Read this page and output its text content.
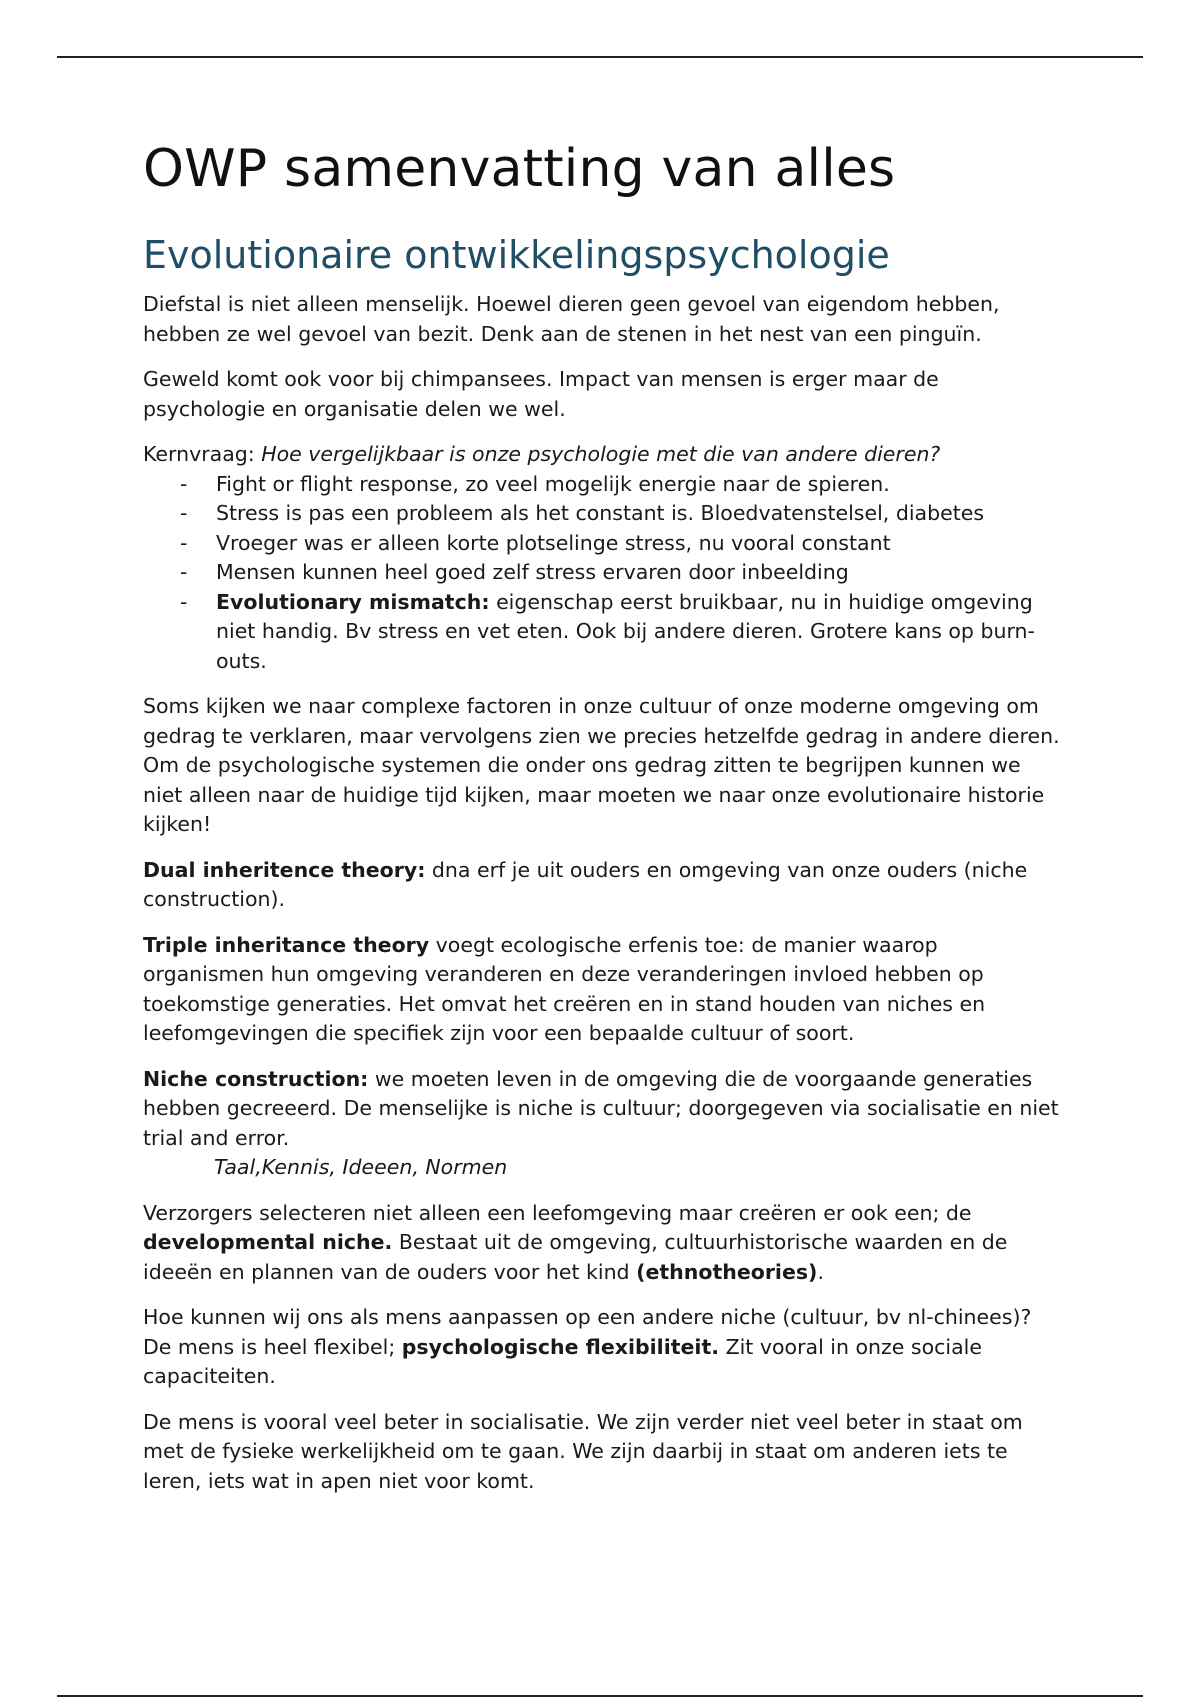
OWP samenvatting van alles
Evolutionaire ontwikkelingspsychologie

Diefstal is niet alleen menselijk. Hoewel dieren geen gevoel van eigendom hebben, hebben ze wel gevoel van bezit. Denk aan de stenen in het nest van een pinguïn.

Geweld komt ook voor bij chimpansees. Impact van mensen is erger maar de psychologie en organisatie delen we wel.

Kernvraag: Hoe vergelijkbaar is onze psychologie met die van andere dieren?

- Fight or flight response, zo veel mogelijk energie naar de spieren.
- Stress is pas een probleem als het constant is. Bloedvatenstelsel, diabetes
- Vroeger was er alleen korte plotselinge stress, nu vooral constant
- Mensen kunnen heel goed zelf stress ervaren door inbeelding
- Evolutionary mismatch: eigenschap eerst bruikbaar, nu in huidige omgeving niet handig. Bv stress en vet eten. Ook bij andere dieren. Grotere kans op burn-outs.

Soms kijken we naar complexe factoren in onze cultuur of onze moderne omgeving om gedrag te verklaren, maar vervolgens zien we precies hetzelfde gedrag in andere dieren. Om de psychologische systemen die onder ons gedrag zitten te begrijpen kunnen we niet alleen naar de huidige tijd kijken, maar moeten we naar onze evolutionaire historie kijken!

Dual inheritence theory: dna erf je uit ouders en omgeving van onze ouders (niche construction).

Triple inheritance theory voegt ecologische erfenis toe: de manier waarop organismen hun omgeving veranderen en deze veranderingen invloed hebben op toekomstige generaties. Het omvat het creëren en in stand houden van niches en leefomgevingen die specifiek zijn voor een bepaalde cultuur of soort.

Niche construction: we moeten leven in de omgeving die de voorgaande generaties hebben gecreeerd. De menselijke is niche is cultuur; doorgegeven via socialisatie en niet trial and error.

Taal,Kennis, Ideeen, Normen

Verzorgers selecteren niet alleen een leefomgeving maar creëren er ook een; de developmental niche. Bestaat uit de omgeving, cultuurhistorische waarden en de ideeën en plannen van de ouders voor het kind (ethnotheories).

Hoe kunnen wij ons als mens aanpassen op een andere niche (cultuur, bv nl-chinees)? De mens is heel flexibel; psychologische flexibiliteit. Zit vooral in onze sociale capaciteiten.

De mens is vooral veel beter in socialisatie. We zijn verder niet veel beter in staat om met de fysieke werkelijkheid om te gaan. We zijn daarbij in staat om anderen iets te leren, iets wat in apen niet voor komt.
